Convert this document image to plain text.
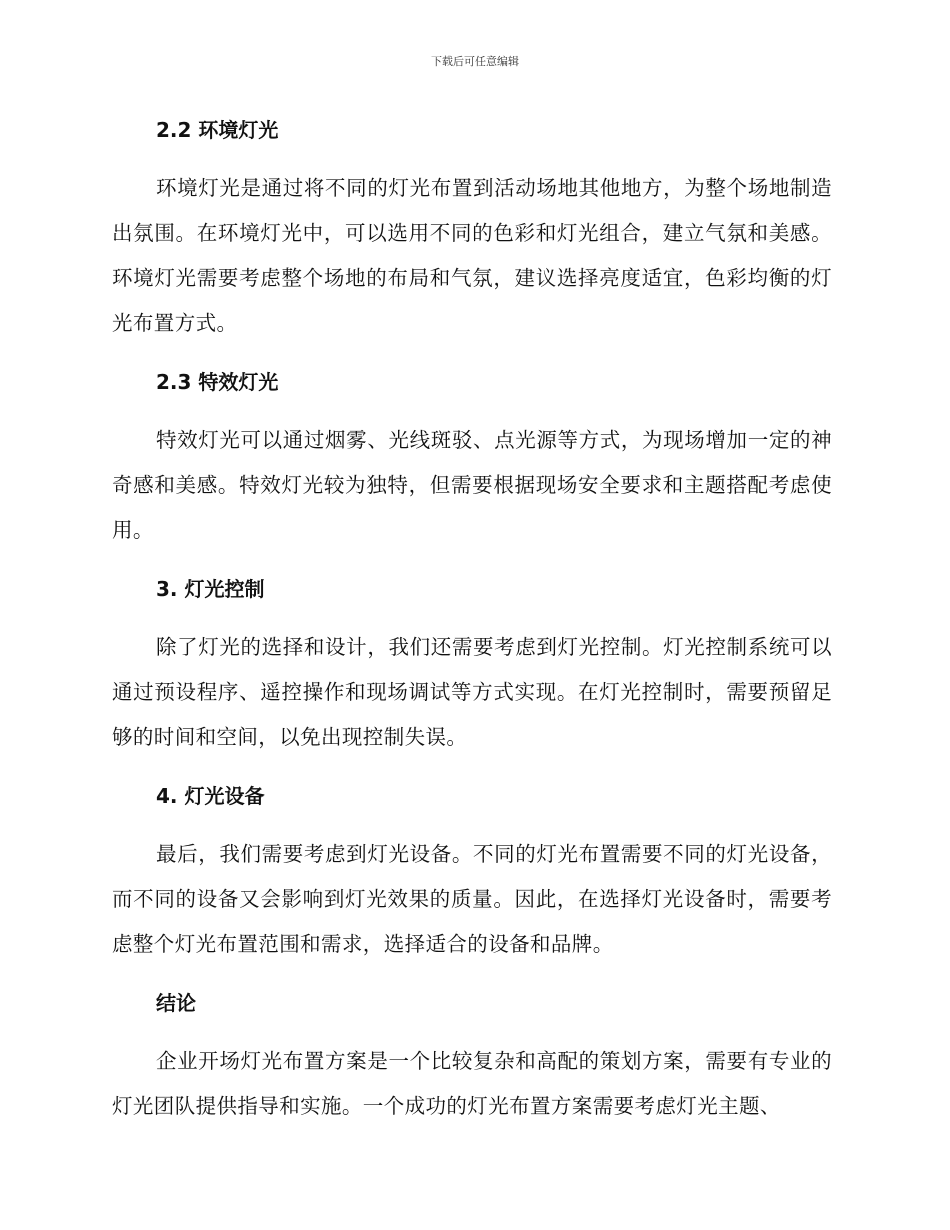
下载后可任意编辑
2.2 环境灯光

环境灯光是通过将不同的灯光布置到活动场地其他地方，为整个场地制造出氛围。在环境灯光中，可以选用不同的色彩和灯光组合，建立气氛和美感。环境灯光需要考虑整个场地的布局和气氛，建议选择亮度适宜，色彩均衡的灯光布置方式。

2.3 特效灯光

特效灯光可以通过烟雾、光线斑驳、点光源等方式，为现场增加一定的神奇感和美感。特效灯光较为独特，但需要根据现场安全要求和主题搭配考虑使用。

3. 灯光控制

除了灯光的选择和设计，我们还需要考虑到灯光控制。灯光控制系统可以通过预设程序、遥控操作和现场调试等方式实现。在灯光控制时，需要预留足够的时间和空间，以免出现控制失误。

4. 灯光设备

最后，我们需要考虑到灯光设备。不同的灯光布置需要不同的灯光设备，而不同的设备又会影响到灯光效果的质量。因此，在选择灯光设备时，需要考虑整个灯光布置范围和需求，选择适合的设备和品牌。

结论

企业开场灯光布置方案是一个比较复杂和高配的策划方案，需要有专业的灯光团队提供指导和实施。一个成功的灯光布置方案需要考虑灯光主题、
